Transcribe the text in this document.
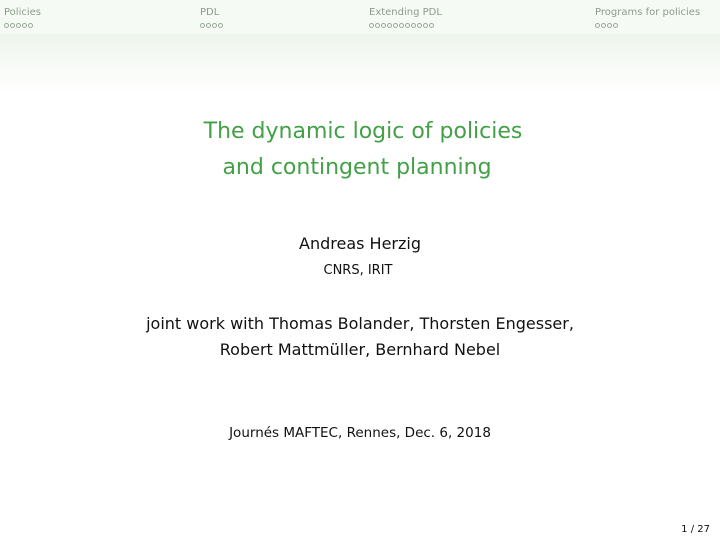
Policies	PDL	Extending PDL	Programs for policies
The dynamic logic of policies
and contingent planning
Andreas Herzig
CNRS, IRIT
joint work with Thomas Bolander, Thorsten Engesser,
Robert Mattmüller, Bernhard Nebel
Journés MAFTEC, Rennes, Dec. 6, 2018
1 / 27
